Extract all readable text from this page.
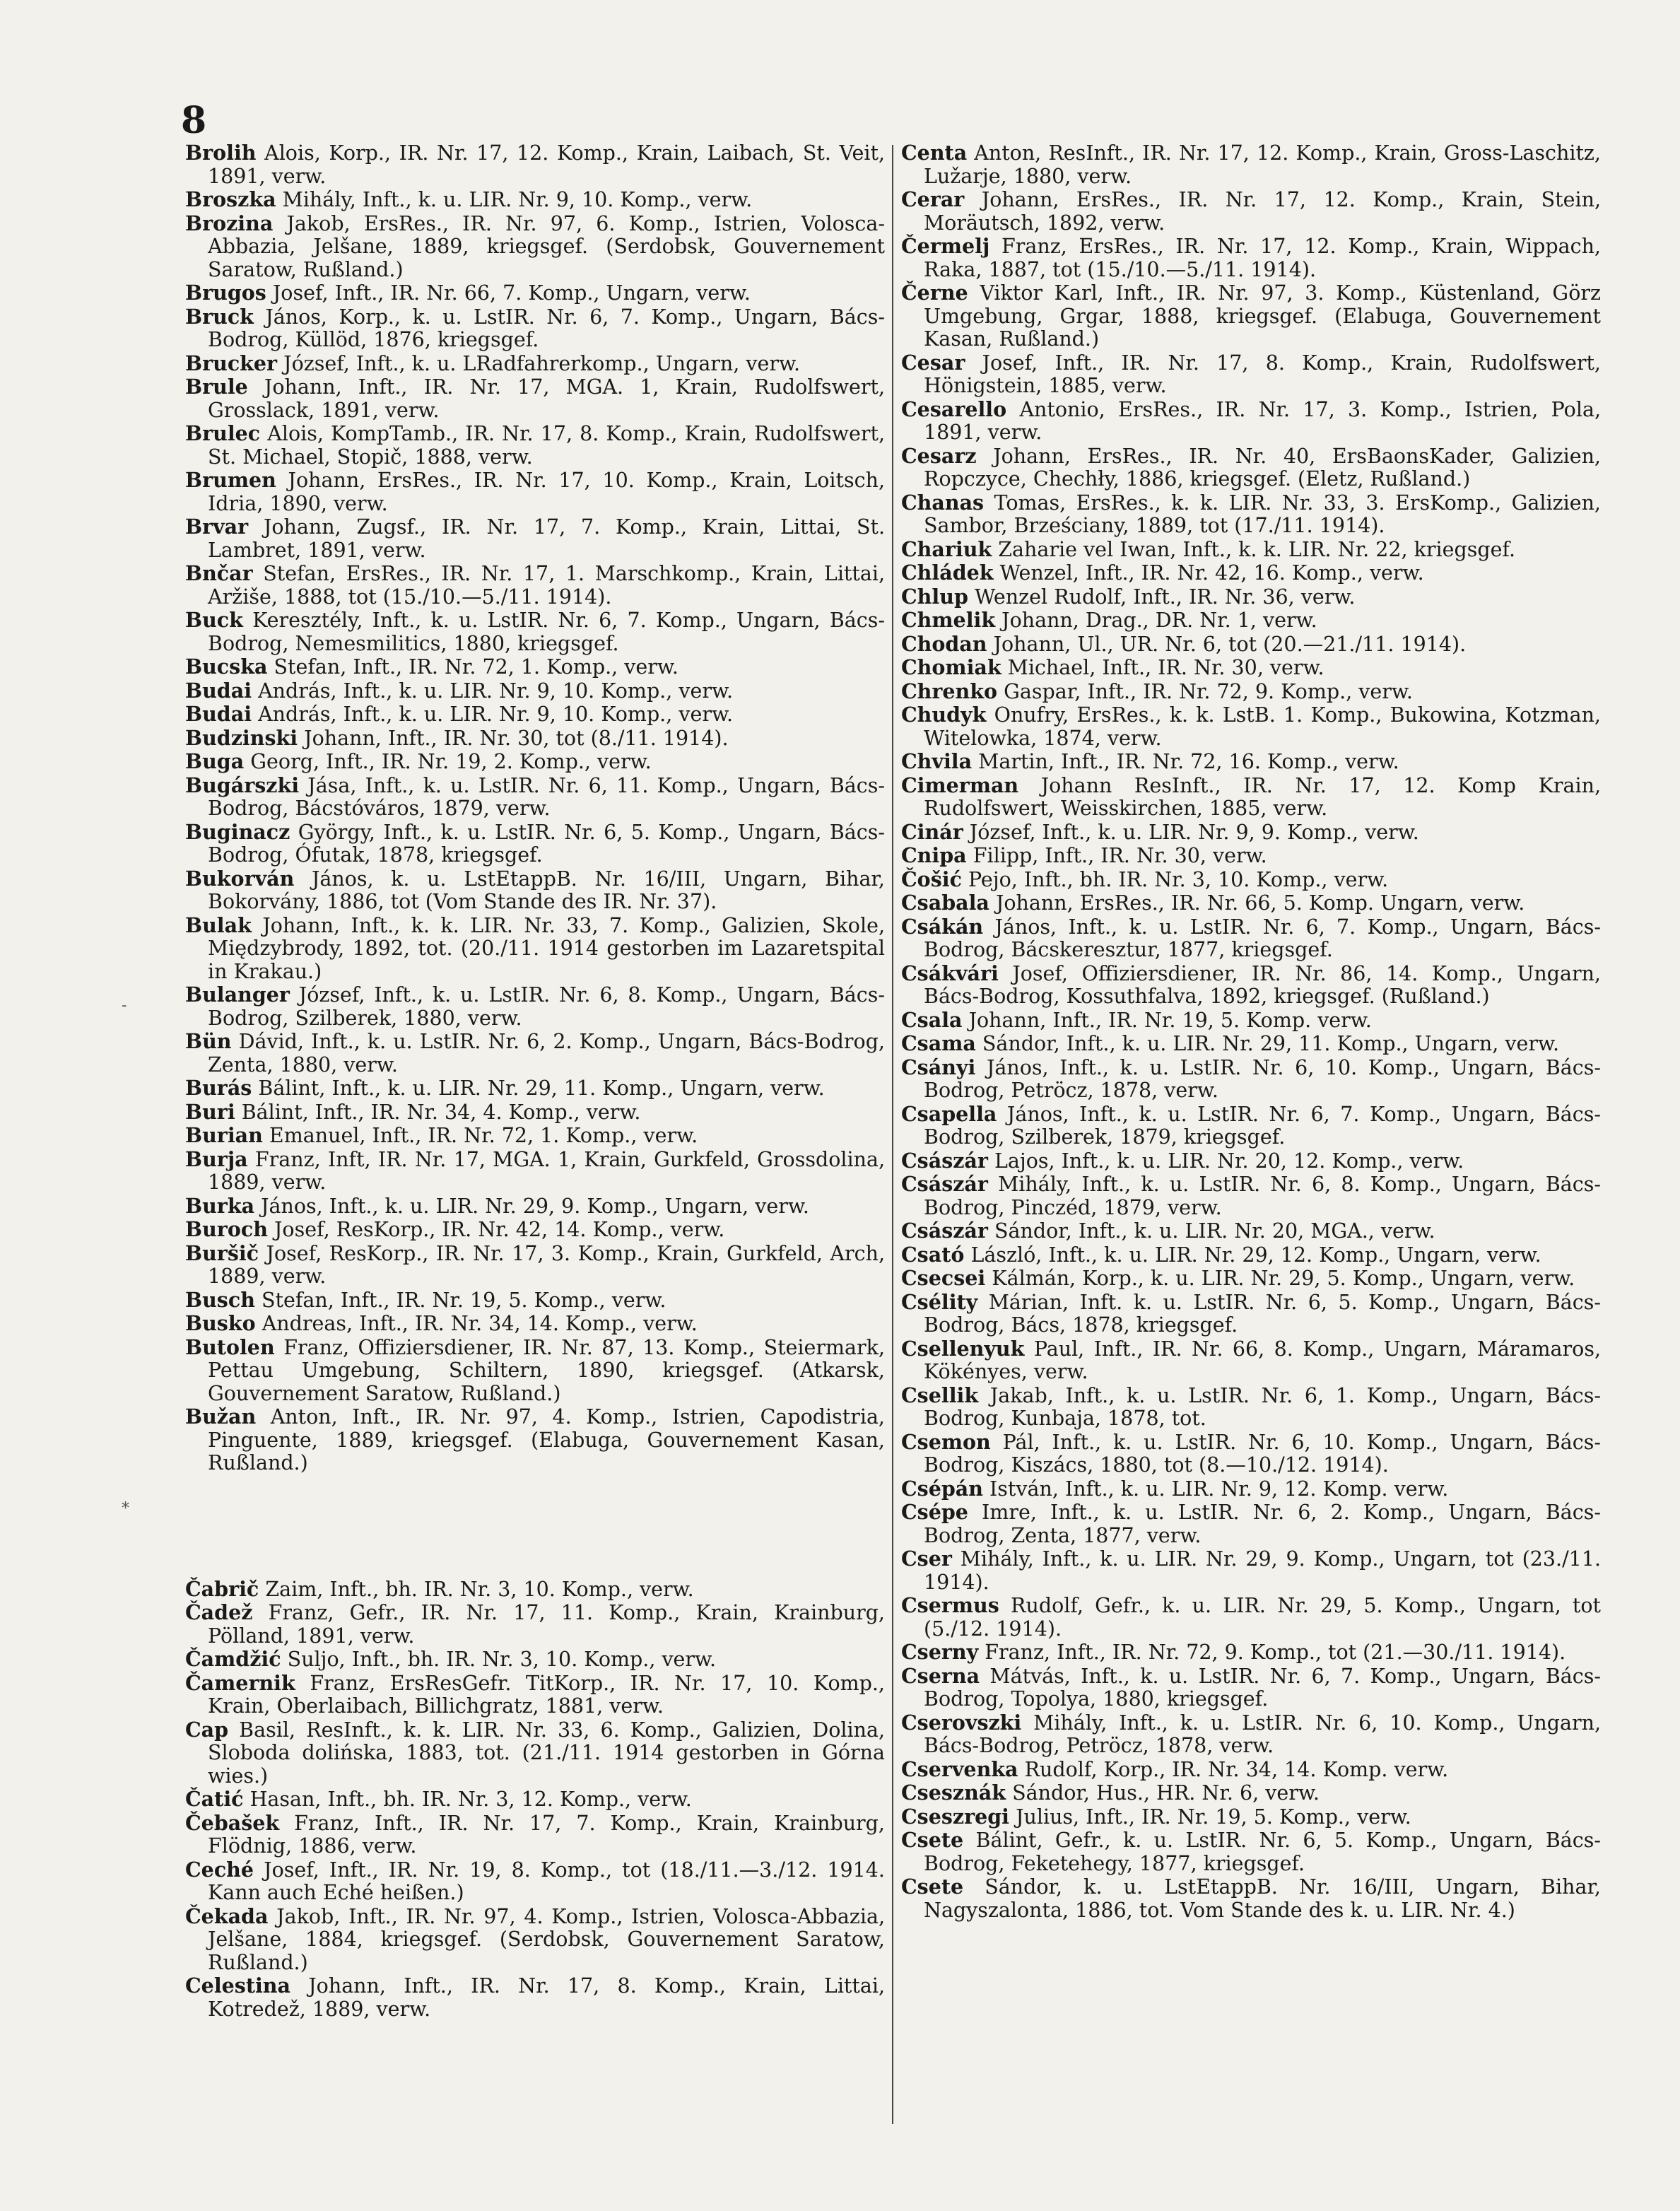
8
-
*

Brolih Alois, Korp., IR. Nr. 17, 12. Komp., Krain, Laibach, St. Veit, 1891, verw.

Broszka Mihály, Inft., k. u. LIR. Nr. 9, 10. Komp., verw.

Brozina Jakob, ErsRes., IR. Nr. 97, 6. Komp., Istrien, Volosca-Abbazia, Jelšane, 1889, kriegsgef. (Serdobsk, Gouvernement Saratow, Rußland.)

Brugos Josef, Inft., IR. Nr. 66, 7. Komp., Ungarn, verw.

Bruck János, Korp., k. u. LstIR. Nr. 6, 7. Komp., Ungarn, Bács-Bodrog, Küllöd, 1876, kriegsgef.

Brucker József, Inft., k. u. LRadfahrerkomp., Ungarn, verw.

Brule Johann, Inft., IR. Nr. 17, MGA. 1, Krain, Rudolfswert, Grosslack, 1891, verw.

Brulec Alois, KompTamb., IR. Nr. 17, 8. Komp., Krain, Rudolfswert, St. Michael, Stopič, 1888, verw.

Brumen Johann, ErsRes., IR. Nr. 17, 10. Komp., Krain, Loitsch, Idria, 1890, verw.

Brvar Johann, Zugsf., IR. Nr. 17, 7. Komp., Krain, Littai, St. Lambret, 1891, verw.

Bnčar Stefan, ErsRes., IR. Nr. 17, 1. Marschkomp., Krain, Littai, Aržiše, 1888, tot (15./10.—5./11. 1914).

Buck Keresztély, Inft., k. u. LstIR. Nr. 6, 7. Komp., Ungarn, Bács-Bodrog, Nemesmilitics, 1880, kriegsgef.

Bucska Stefan, Inft., IR. Nr. 72, 1. Komp., verw.

Budai András, Inft., k. u. LIR. Nr. 9, 10. Komp., verw.

Budai András, Inft., k. u. LIR. Nr. 9, 10. Komp., verw.

Budzinski Johann, Inft., IR. Nr. 30, tot (8./11. 1914).

Buga Georg, Inft., IR. Nr. 19, 2. Komp., verw.

Bugárszki Jása, Inft., k. u. LstIR. Nr. 6, 11. Komp., Ungarn, Bács-Bodrog, Bácstóváros, 1879, verw.

Buginacz György, Inft., k. u. LstIR. Nr. 6, 5. Komp., Ungarn, Bács-Bodrog, Ófutak, 1878, kriegsgef.

Bukorván János, k. u. LstEtappB. Nr. 16/III, Ungarn, Bihar, Bokorvány, 1886, tot (Vom Stande des IR. Nr. 37).

Bulak Johann, Inft., k. k. LIR. Nr. 33, 7. Komp., Galizien, Skole, Międzybrody, 1892, tot. (20./11. 1914 gestorben im Lazaretspital in Krakau.)

Bulanger József, Inft., k. u. LstIR. Nr. 6, 8. Komp., Ungarn, Bács-Bodrog, Szilberek, 1880, verw.

Bün Dávid, Inft., k. u. LstIR. Nr. 6, 2. Komp., Ungarn, Bács-Bodrog, Zenta, 1880, verw.

Burás Bálint, Inft., k. u. LIR. Nr. 29, 11. Komp., Ungarn, verw.

Buri Bálint, Inft., IR. Nr. 34, 4. Komp., verw.

Burian Emanuel, Inft., IR. Nr. 72, 1. Komp., verw.

Burja Franz, Inft, IR. Nr. 17, MGA. 1, Krain, Gurkfeld, Grossdolina, 1889, verw.

Burka János, Inft., k. u. LIR. Nr. 29, 9. Komp., Ungarn, verw.

Buroch Josef, ResKorp., IR. Nr. 42, 14. Komp., verw.

Buršič Josef, ResKorp., IR. Nr. 17, 3. Komp., Krain, Gurkfeld, Arch, 1889, verw.

Busch Stefan, Inft., IR. Nr. 19, 5. Komp., verw.

Busko Andreas, Inft., IR. Nr. 34, 14. Komp., verw.

Butolen Franz, Offiziersdiener, IR. Nr. 87, 13. Komp., Steiermark, Pettau Umgebung, Schiltern, 1890, kriegsgef. (Atkarsk, Gouvernement Saratow, Rußland.)

Bužan Anton, Inft., IR. Nr. 97, 4. Komp., Istrien, Capodistria, Pinguente, 1889, kriegsgef. (Elabuga, Gouvernement Kasan, Rußland.)

Čabrič Zaim, Inft., bh. IR. Nr. 3, 10. Komp., verw.

Čadež Franz, Gefr., IR. Nr. 17, 11. Komp., Krain, Krainburg, Pölland, 1891, verw.

Čamdžić Suljo, Inft., bh. IR. Nr. 3, 10. Komp., verw.

Čamernik Franz, ErsResGefr. TitKorp., IR. Nr. 17, 10. Komp., Krain, Oberlaibach, Billichgratz, 1881, verw.

Cap Basil, ResInft., k. k. LIR. Nr. 33, 6. Komp., Galizien, Dolina, Sloboda dolińska, 1883, tot. (21./11. 1914 gestorben in Górna wies.)

Čatić Hasan, Inft., bh. IR. Nr. 3, 12. Komp., verw.

Čebašek Franz, Inft., IR. Nr. 17, 7. Komp., Krain, Krainburg, Flödnig, 1886, verw.

Ceché Josef, Inft., IR. Nr. 19, 8. Komp., tot (18./11.—3./12. 1914. Kann auch Eché heißen.)

Čekada Jakob, Inft., IR. Nr. 97, 4. Komp., Istrien, Volosca-Abbazia, Jelšane, 1884, kriegsgef. (Serdobsk, Gouvernement Saratow, Rußland.)

Celestina Johann, Inft., IR. Nr. 17, 8. Komp., Krain, Littai, Kotredež, 1889, verw.

Centa Anton, ResInft., IR. Nr. 17, 12. Komp., Krain, Gross-Laschitz, Lužarje, 1880, verw.

Cerar Johann, ErsRes., IR. Nr. 17, 12. Komp., Krain, Stein, Moräutsch, 1892, verw.

Čermelj Franz, ErsRes., IR. Nr. 17, 12. Komp., Krain, Wippach, Raka, 1887, tot (15./10.—5./11. 1914).

Černe Viktor Karl, Inft., IR. Nr. 97, 3. Komp., Küstenland, Görz Umgebung, Grgar, 1888, kriegsgef. (Elabuga, Gouvernement Kasan, Rußland.)

Cesar Josef, Inft., IR. Nr. 17, 8. Komp., Krain, Rudolfswert, Hönigstein, 1885, verw.

Cesarello Antonio, ErsRes., IR. Nr. 17, 3. Komp., Istrien, Pola, 1891, verw.

Cesarz Johann, ErsRes., IR. Nr. 40, ErsBaonsKader, Galizien, Ropczyce, Chechły, 1886, kriegsgef. (Eletz, Rußland.)

Chanas Tomas, ErsRes., k. k. LIR. Nr. 33, 3. ErsKomp., Galizien, Sambor, Brześciany, 1889, tot (17./11. 1914).

Chariuk Zaharie vel Iwan, Inft., k. k. LIR. Nr. 22, kriegsgef.

Chládek Wenzel, Inft., IR. Nr. 42, 16. Komp., verw.

Chlup Wenzel Rudolf, Inft., IR. Nr. 36, verw.

Chmelik Johann, Drag., DR. Nr. 1, verw.

Chodan Johann, Ul., UR. Nr. 6, tot (20.—21./11. 1914).

Chomiak Michael, Inft., IR. Nr. 30, verw.

Chrenko Gaspar, Inft., IR. Nr. 72, 9. Komp., verw.

Chudyk Onufry, ErsRes., k. k. LstB. 1. Komp., Bukowina, Kotzman, Witelowka, 1874, verw.

Chvila Martin, Inft., IR. Nr. 72, 16. Komp., verw.

Cimerman Johann ResInft., IR. Nr. 17, 12. Komp Krain, Rudolfswert, Weisskirchen, 1885, verw.

Cinár József, Inft., k. u. LIR. Nr. 9, 9. Komp., verw.

Cnipa Filipp, Inft., IR. Nr. 30, verw.

Čošić Pejo, Inft., bh. IR. Nr. 3, 10. Komp., verw.

Csabala Johann, ErsRes., IR. Nr. 66, 5. Komp. Ungarn, verw.

Csákán János, Inft., k. u. LstIR. Nr. 6, 7. Komp., Ungarn, Bács-Bodrog, Bácskeresztur, 1877, kriegsgef.

Csákvári Josef, Offiziersdiener, IR. Nr. 86, 14. Komp., Ungarn, Bács-Bodrog, Kossuthfalva, 1892, kriegsgef. (Rußland.)

Csala Johann, Inft., IR. Nr. 19, 5. Komp. verw.

Csama Sándor, Inft., k. u. LIR. Nr. 29, 11. Komp., Ungarn, verw.

Csányi János, Inft., k. u. LstIR. Nr. 6, 10. Komp., Ungarn, Bács-Bodrog, Petröcz, 1878, verw.

Csapella János, Inft., k. u. LstIR. Nr. 6, 7. Komp., Ungarn, Bács-Bodrog, Szilberek, 1879, kriegsgef.

Császár Lajos, Inft., k. u. LIR. Nr. 20, 12. Komp., verw.

Császár Mihály, Inft., k. u. LstIR. Nr. 6, 8. Komp., Ungarn, Bács-Bodrog, Pinczéd, 1879, verw.

Császár Sándor, Inft., k. u. LIR. Nr. 20, MGA., verw.

Csató László, Inft., k. u. LIR. Nr. 29, 12. Komp., Ungarn, verw.

Csecsei Kálmán, Korp., k. u. LIR. Nr. 29, 5. Komp., Ungarn, verw.

Csélity Márian, Inft. k. u. LstIR. Nr. 6, 5. Komp., Ungarn, Bács-Bodrog, Bács, 1878, kriegsgef.

Csellenyuk Paul, Inft., IR. Nr. 66, 8. Komp., Ungarn, Máramaros, Kökényes, verw.

Csellik Jakab, Inft., k. u. LstIR. Nr. 6, 1. Komp., Ungarn, Bács-Bodrog, Kunbaja, 1878, tot.

Csemon Pál, Inft., k. u. LstIR. Nr. 6, 10. Komp., Ungarn, Bács-Bodrog, Kiszács, 1880, tot (8.—10./12. 1914).

Csépán István, Inft., k. u. LIR. Nr. 9, 12. Komp. verw.

Csépe Imre, Inft., k. u. LstIR. Nr. 6, 2. Komp., Ungarn, Bács-Bodrog, Zenta, 1877, verw.

Cser Mihály, Inft., k. u. LIR. Nr. 29, 9. Komp., Ungarn, tot (23./11. 1914).

Csermus Rudolf, Gefr., k. u. LIR. Nr. 29, 5. Komp., Ungarn, tot (5./12. 1914).

Cserny Franz, Inft., IR. Nr. 72, 9. Komp., tot (21.—30./11. 1914).

Cserna Mátvás, Inft., k. u. LstIR. Nr. 6, 7. Komp., Ungarn, Bács-Bodrog, Topolya, 1880, kriegsgef.

Cserovszki Mihály, Inft., k. u. LstIR. Nr. 6, 10. Komp., Ungarn, Bács-Bodrog, Petröcz, 1878, verw.

Cservenka Rudolf, Korp., IR. Nr. 34, 14. Komp. verw.

Csesznák Sándor, Hus., HR. Nr. 6, verw.

Cseszregi Julius, Inft., IR. Nr. 19, 5. Komp., verw.

Csete Bálint, Gefr., k. u. LstIR. Nr. 6, 5. Komp., Ungarn, Bács-Bodrog, Feketehegy, 1877, kriegsgef.

Csete Sándor, k. u. LstEtappB. Nr. 16/III, Ungarn, Bihar, Nagyszalonta, 1886, tot. Vom Stande des k. u. LIR. Nr. 4.)
